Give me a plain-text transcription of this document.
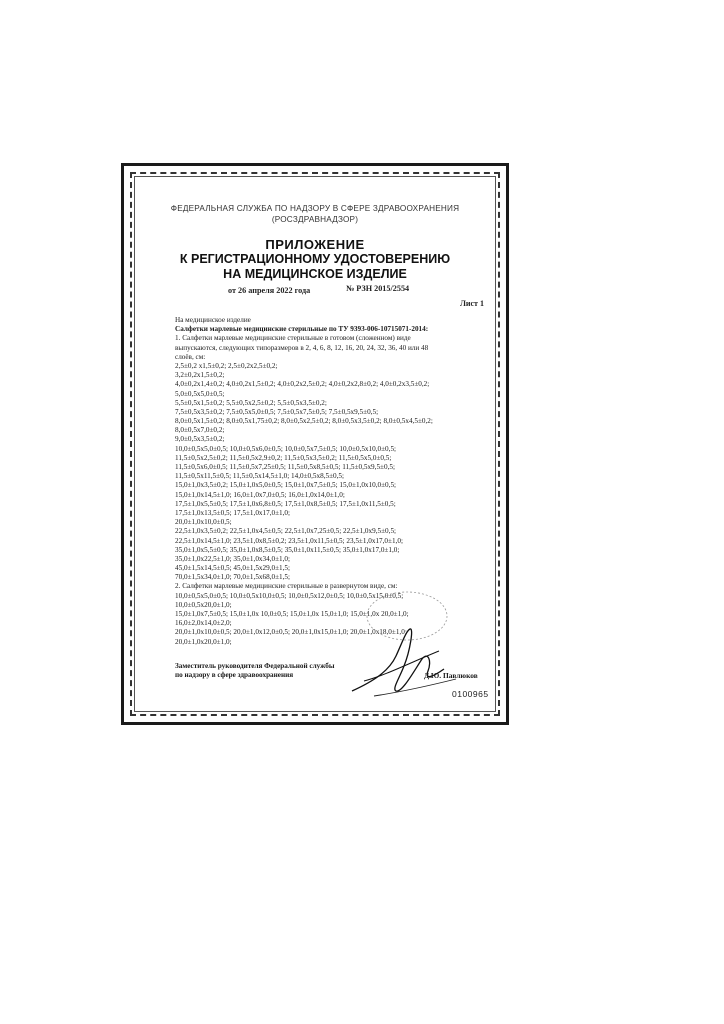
ФЕДЕРАЛЬНАЯ СЛУЖБА ПО НАДЗОРУ В СФЕРЕ ЗДРАВООХРАНЕНИЯ
(РОСЗДРАВНАДЗОР)
ПРИЛОЖЕНИЕ
К РЕГИСТРАЦИОННОМУ УДОСТОВЕРЕНИЮ
НА МЕДИЦИНСКОЕ ИЗДЕЛИЕ
от 26 апреля 2022 года	№ РЗН 2015/2554
Лист 1
На медицинское изделие
Салфетки марлевые медицинские стерильные по ТУ 9393-006-10715071-2014:
1. Салфетки марлевые медицинские стерильные в готовом (сложенном) виде
выпускаются, следующих типоразмеров в 2, 4, 6, 8, 12, 16, 20, 24, 32, 36, 40 или 48
слоёв, см:
2,5±0,2 х1,5±0,2; 2,5±0,2х2,5±0,2;
3,2±0,2х1,5±0,2;
4,0±0,2х1,4±0,2; 4,0±0,2х1,5±0,2; 4,0±0,2х2,5±0,2; 4,0±0,2х2,8±0,2; 4,0±0,2х3,5±0,2;
5,0±0,5х5,0±0,5;
5,5±0,5х1,5±0,2; 5,5±0,5х2,5±0,2; 5,5±0,5х3,5±0,2;
7,5±0,5х3,5±0,2; 7,5±0,5х5,0±0,5; 7,5±0,5х7,5±0,5; 7,5±0,5х9,5±0,5;
8,0±0,5х1,5±0,2; 8,0±0,5х1,75±0,2; 8,0±0,5х2,5±0,2; 8,0±0,5х3,5±0,2; 8,0±0,5х4,5±0,2;
8,0±0,5х7,0±0,2;
9,0±0,5х3,5±0,2;
10,0±0,5х5,0±0,5; 10,0±0,5х6,0±0,5; 10,0±0,5х7,5±0,5; 10,0±0,5х10,0±0,5;
11,5±0,5х2,5±0,2; 11,5±0,5х2,9±0,2; 11,5±0,5х3,5±0,2; 11,5±0,5х5,0±0,5;
11,5±0,5х6,0±0,5; 11,5±0,5х7,25±0,5; 11,5±0,5х8,5±0,5; 11,5±0,5х9,5±0,5;
11,5±0,5х11,5±0,5; 11,5±0,5х14,5±1,0; 14,0±0,5х8,5±0,5;
15,0±1,0х3,5±0,2; 15,0±1,0х5,0±0,5; 15,0±1,0х7,5±0,5; 15,0±1,0х10,0±0,5;
15,0±1,0х14,5±1,0; 16,0±1,0х7,0±0,5; 16,0±1,0х14,0±1,0;
17,5±1,0х5,5±0,5; 17,5±1,0х6,8±0,5; 17,5±1,0х8,5±0,5; 17,5±1,0х11,5±0,5;
17,5±1,0х13,5±0,5; 17,5±1,0х17,0±1,0;
20,0±1,0х10,0±0,5;
22,5±1,0х3,5±0,2; 22,5±1,0х4,5±0,5; 22,5±1,0х7,25±0,5; 22,5±1,0х9,5±0,5;
22,5±1,0х14,5±1,0; 23,5±1,0х8,5±0,2; 23,5±1,0х11,5±0,5; 23,5±1,0х17,0±1,0;
35,0±1,0х5,5±0,5; 35,0±1,0х8,5±0,5; 35,0±1,0х11,5±0,5; 35,0±1,0х17,0±1,0;
35,0±1,0х22,5±1,0; 35,0±1,0х34,0±1,0;
45,0±1,5х14,5±0,5; 45,0±1,5х29,0±1,5;
70,0±1,5х34,0±1,0; 70,0±1,5х68,0±1,5;
2. Салфетки марлевые медицинские стерильные в развернутом виде, см:
10,0±0,5х5,0±0,5; 10,0±0,5х10,0±0,5; 10,0±0,5х12,0±0,5; 10,0±0,5х15,0±0,5;
10,0±0,5х20,0±1,0;
15,0±1,0х7,5±0,5; 15,0±1,0х 10,0±0,5; 15,0±1,0х 15,0±1,0; 15,0±1,0х 20,0±1,0;
16,0±2,0х14,0±2,0;
20,0±1,0х10,0±0,5; 20,0±1,0х12,0±0,5; 20,0±1,0х15,0±1,0; 20,0±1,0х18,0±1,0;
20,0±1,0х20,0±1,0;
Заместитель руководителя Федеральной службы
по надзору в сфере здравоохранения	Д.Ю. Павлюков
0100965
